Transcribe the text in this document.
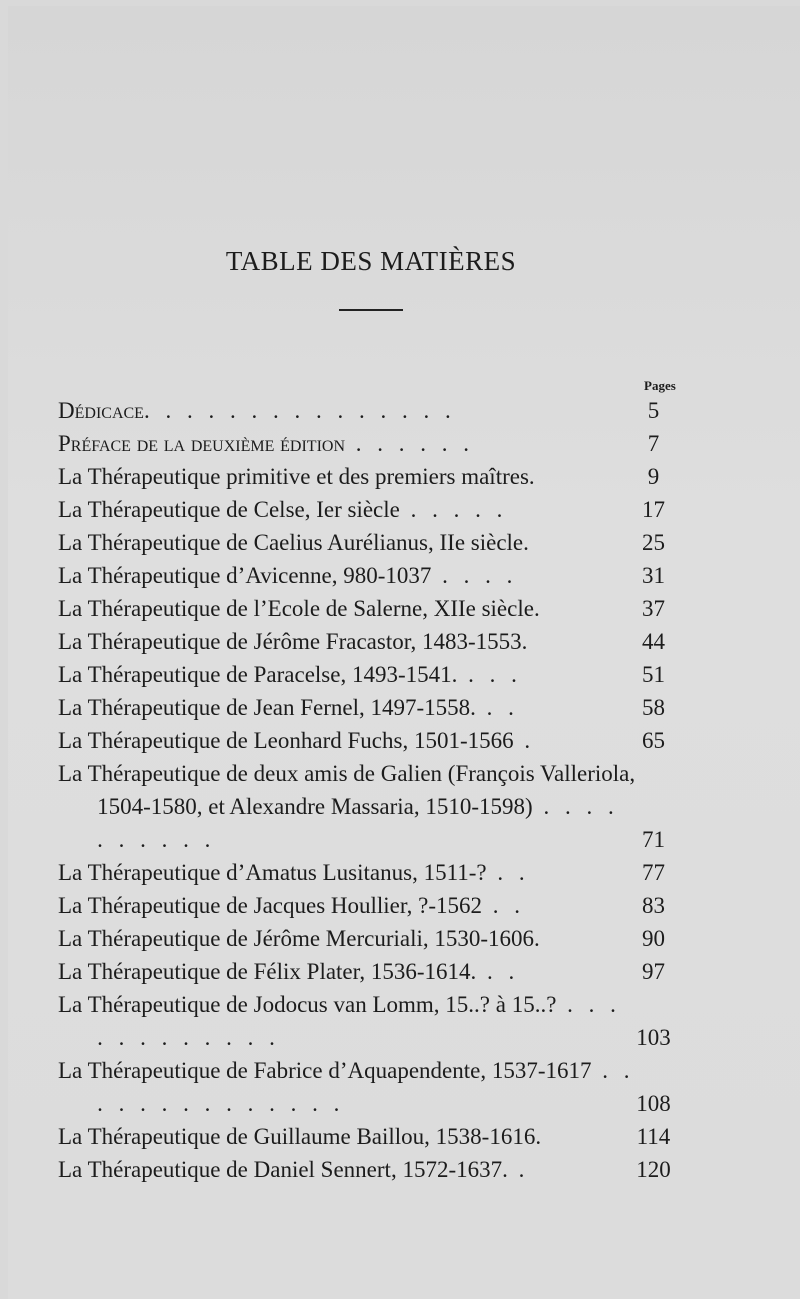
TABLE DES MATIÈRES
Pages
Dédicace. . . . . . . . . . . . . . .	5
Préface de la deuxième édition . . . . . .	7
La Thérapeutique primitive et des premiers maîtres.	9
La Thérapeutique de Celse, Ier siècle . . . . .	17
La Thérapeutique de Caelius Aurélianus, IIe siècle.	25
La Thérapeutique d’Avicenne, 980-1037 . . . .	31
La Thérapeutique de l’Ecole de Salerne, XIIe siècle.	37
La Thérapeutique de Jérôme Fracastor, 1483-1553.	44
La Thérapeutique de Paracelse, 1493-1541. . . .	51
La Thérapeutique de Jean Fernel, 1497-1558. . .	58
La Thérapeutique de Leonhard Fuchs, 1501-1566 .	65
La Thérapeutique de deux amis de Galien (François Valleriola, 1504-1580, et Alexandre Massaria, 1510-1598) . . . . . . . . . .	71
La Thérapeutique d’Amatus Lusitanus, 1511-? . .	77
La Thérapeutique de Jacques Houllier, ?-1562 . .	83
La Thérapeutique de Jérôme Mercuriali, 1530-1606.	90
La Thérapeutique de Félix Plater, 1536-1614. . .	97
La Thérapeutique de Jodocus van Lomm, 15..? à 15..? . . . . . . . . . . . .	103
La Thérapeutique de Fabrice d’Aquapendente, 1537-1617 . . . . . . . . . . . . . .	108
La Thérapeutique de Guillaume Baillou, 1538-1616.	114
La Thérapeutique de Daniel Sennert, 1572-1637. .	120
